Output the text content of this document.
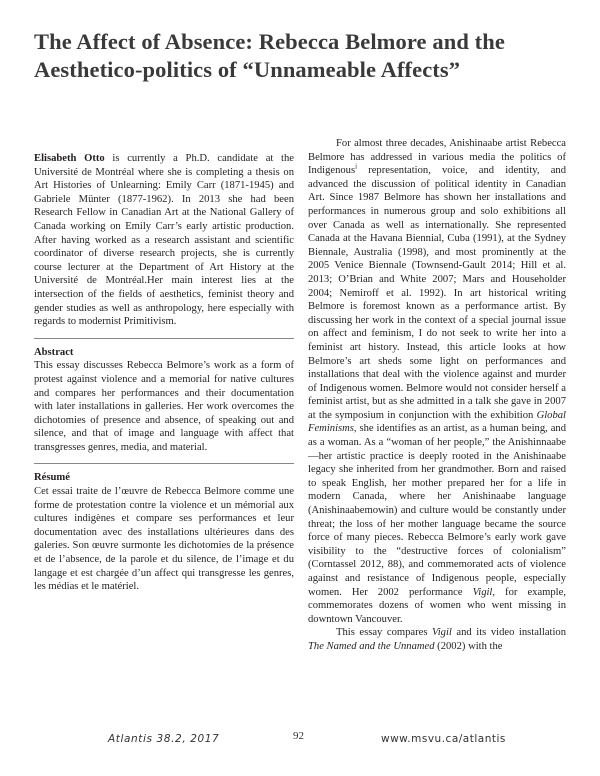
The Affect of Absence: Rebecca Belmore and the Aesthetico-politics of “Unnameable Affects”

Elisabeth Otto is currently a Ph.D. candidate at the Université de Montréal where she is completing a thesis on Art Histories of Unlearning: Emily Carr (1871-1945) and Gabriele Münter (1877-1962). In 2013 she had been Research Fellow in Canadian Art at the National Gallery of Canada working on Emily Carr’s early artistic production. After having worked as a research assistant and scientific coordinator of diverse research projects, she is currently course lecturer at the Department of Art History at the Université de Montréal.Her main interest lies at the intersection of the fields of aesthetics, feminist theory and gender studies as well as anthropology, here especially with regards to modernist Primitivism.

Abstract

This essay discusses Rebecca Belmore’s work as a form of protest against violence and a memorial for native cultures and compares her performances and their documentation with later installations in galleries. Her work overcomes the dichotomies of presence and absence, of speaking out and silence, and that of image and language with affect that transgresses genres, media, and material.

Résumé

Cet essai traite de l’œuvre de Rebecca Belmore comme une forme de protestation contre la violence et un mémorial aux cultures indigènes et compare ses performances et leur documentation avec des installations ultérieures dans des galeries. Son œuvre surmonte les dichotomies de la présence et de l’absence, de la parole et du silence, de l’image et du langage et est chargée d’un affect qui transgresse les genres, les médias et le matériel.

For almost three decades, Anishinaabe artist Rebecca Belmore has addressed in various media the politics of Indigenous$^i$ representation, voice, and identity, and advanced the discussion of political identity in Canadian Art. Since 1987 Belmore has shown her installations and performances in numerous group and solo exhibitions all over Canada as well as internationally. She represented Canada at the Havana Biennial, Cuba (1991), at the Sydney Biennale, Australia (1998), and most prominently at the 2005 Venice Biennale (Townsend-Gault 2014; Hill et al. 2013; O’Brian and White 2007; Mars and Householder 2004; Nemiroff et al. 1992). In art historical writing Belmore is foremost known as a performance artist. By discussing her work in the context of a special journal issue on affect and feminism, I do not seek to write her into a feminist art history. Instead, this article looks at how Belmore’s art sheds some light on performances and installations that deal with the violence against and murder of Indigenous women. Belmore would not consider herself a feminist artist, but as she admitted in a talk she gave in 2007 at the symposium in conjunction with the exhibition Global Feminisms, she identifies as an artist, as a human being, and as a woman. As a “woman of her people,” the Anishinnaabe—her artistic practice is deeply rooted in the Anishinaabe legacy she inherited from her grandmother. Born and raised to speak English, her mother prepared her for a life in modern Canada, where her Anishinaabe language (Anishinaabemowin) and culture would be constantly under threat; the loss of her mother language became the source force of many pieces. Rebecca Belmore’s early work gave visibility to the “destructive forces of colonialism” (Corntassel 2012, 88), and commemorated acts of violence against and resistance of Indigenous people, especially women. Her 2002 performance Vigil, for example, commemorates dozens of women who went missing in downtown Vancouver.

This essay compares Vigil and its video installation The Named and the Unnamed (2002) with the

Atlantis 38.2, 2017	92	www.msvu.ca/atlantis
